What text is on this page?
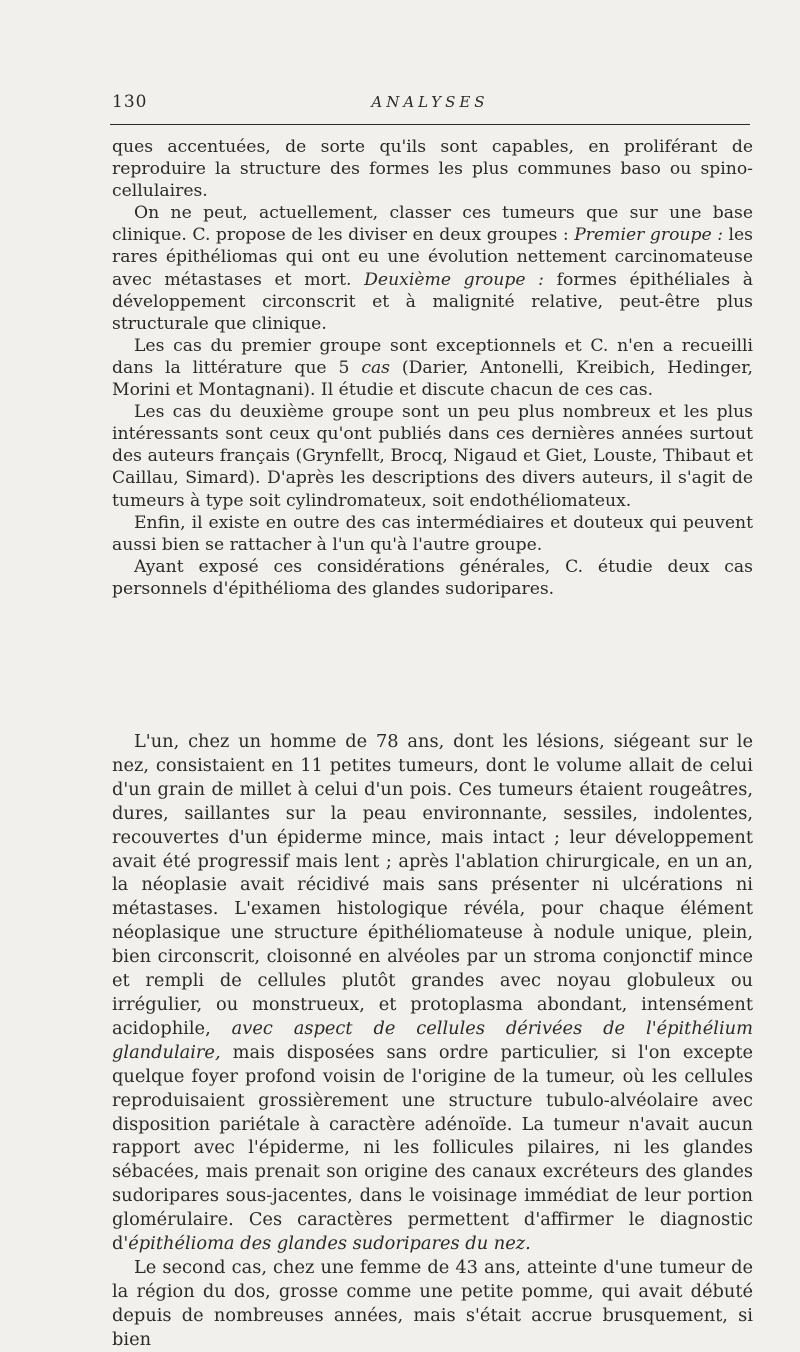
130	ANALYSES

ques accentuées, de sorte qu'ils sont capables, en proliférant de reproduire la structure des formes les plus communes baso ou spino-cellulaires.

On ne peut, actuellement, classer ces tumeurs que sur une base clinique. C. propose de les diviser en deux groupes : Premier groupe : les rares épithéliomas qui ont eu une évolution nettement carcinomateuse avec métastases et mort. Deuxième groupe : formes épithéliales à développement circonscrit et à malignité relative, peut-être plus structurale que clinique.

Les cas du premier groupe sont exceptionnels et C. n'en a recueilli dans la littérature que 5 cas (Darier, Antonelli, Kreibich, Hedinger, Morini et Montagnani). Il étudie et discute chacun de ces cas.

Les cas du deuxième groupe sont un peu plus nombreux et les plus intéressants sont ceux qu'ont publiés dans ces dernières années surtout des auteurs français (Grynfellt, Brocq, Nigaud et Giet, Louste, Thibaut et Caillau, Simard). D'après les descriptions des divers auteurs, il s'agit de tumeurs à type soit cylindromateux, soit endothéliomateux.

Enfin, il existe en outre des cas intermédiaires et douteux qui peuvent aussi bien se rattacher à l'un qu'à l'autre groupe.

Ayant exposé ces considérations générales, C. étudie deux cas personnels d'épithélioma des glandes sudoripares.

L'un, chez un homme de 78 ans, dont les lésions, siégeant sur le nez, consistaient en 11 petites tumeurs, dont le volume allait de celui d'un grain de millet à celui d'un pois. Ces tumeurs étaient rougeâtres, dures, saillantes sur la peau environnante, sessiles, indolentes, recouvertes d'un épiderme mince, mais intact ; leur développement avait été progressif mais lent ; après l'ablation chirurgicale, en un an, la néoplasie avait récidivé mais sans présenter ni ulcérations ni métastases. L'examen histologique révéla, pour chaque élément néoplasique une structure épithéliomateuse à nodule unique, plein, bien circonscrit, cloisonné en alvéoles par un stroma conjonctif mince et rempli de cellules plutôt grandes avec noyau globuleux ou irrégulier, ou monstrueux, et protoplasma abondant, intensément acidophile, avec aspect de cellules dérivées de l'épithélium glandulaire, mais disposées sans ordre particulier, si l'on excepte quelque foyer profond voisin de l'origine de la tumeur, où les cellules reproduisaient grossièrement une structure tubulo-alvéolaire avec disposition pariétale à caractère adénoïde. La tumeur n'avait aucun rapport avec l'épiderme, ni les follicules pilaires, ni les glandes sébacées, mais prenait son origine des canaux excréteurs des glandes sudoripares sous-jacentes, dans le voisinage immédiat de leur portion glomérulaire. Ces caractères permettent d'affirmer le diagnostic d'épithélioma des glandes sudoripares du nez.

Le second cas, chez une femme de 43 ans, atteinte d'une tumeur de la région du dos, grosse comme une petite pomme, qui avait débuté depuis de nombreuses années, mais s'était accrue brusquement, si bien
